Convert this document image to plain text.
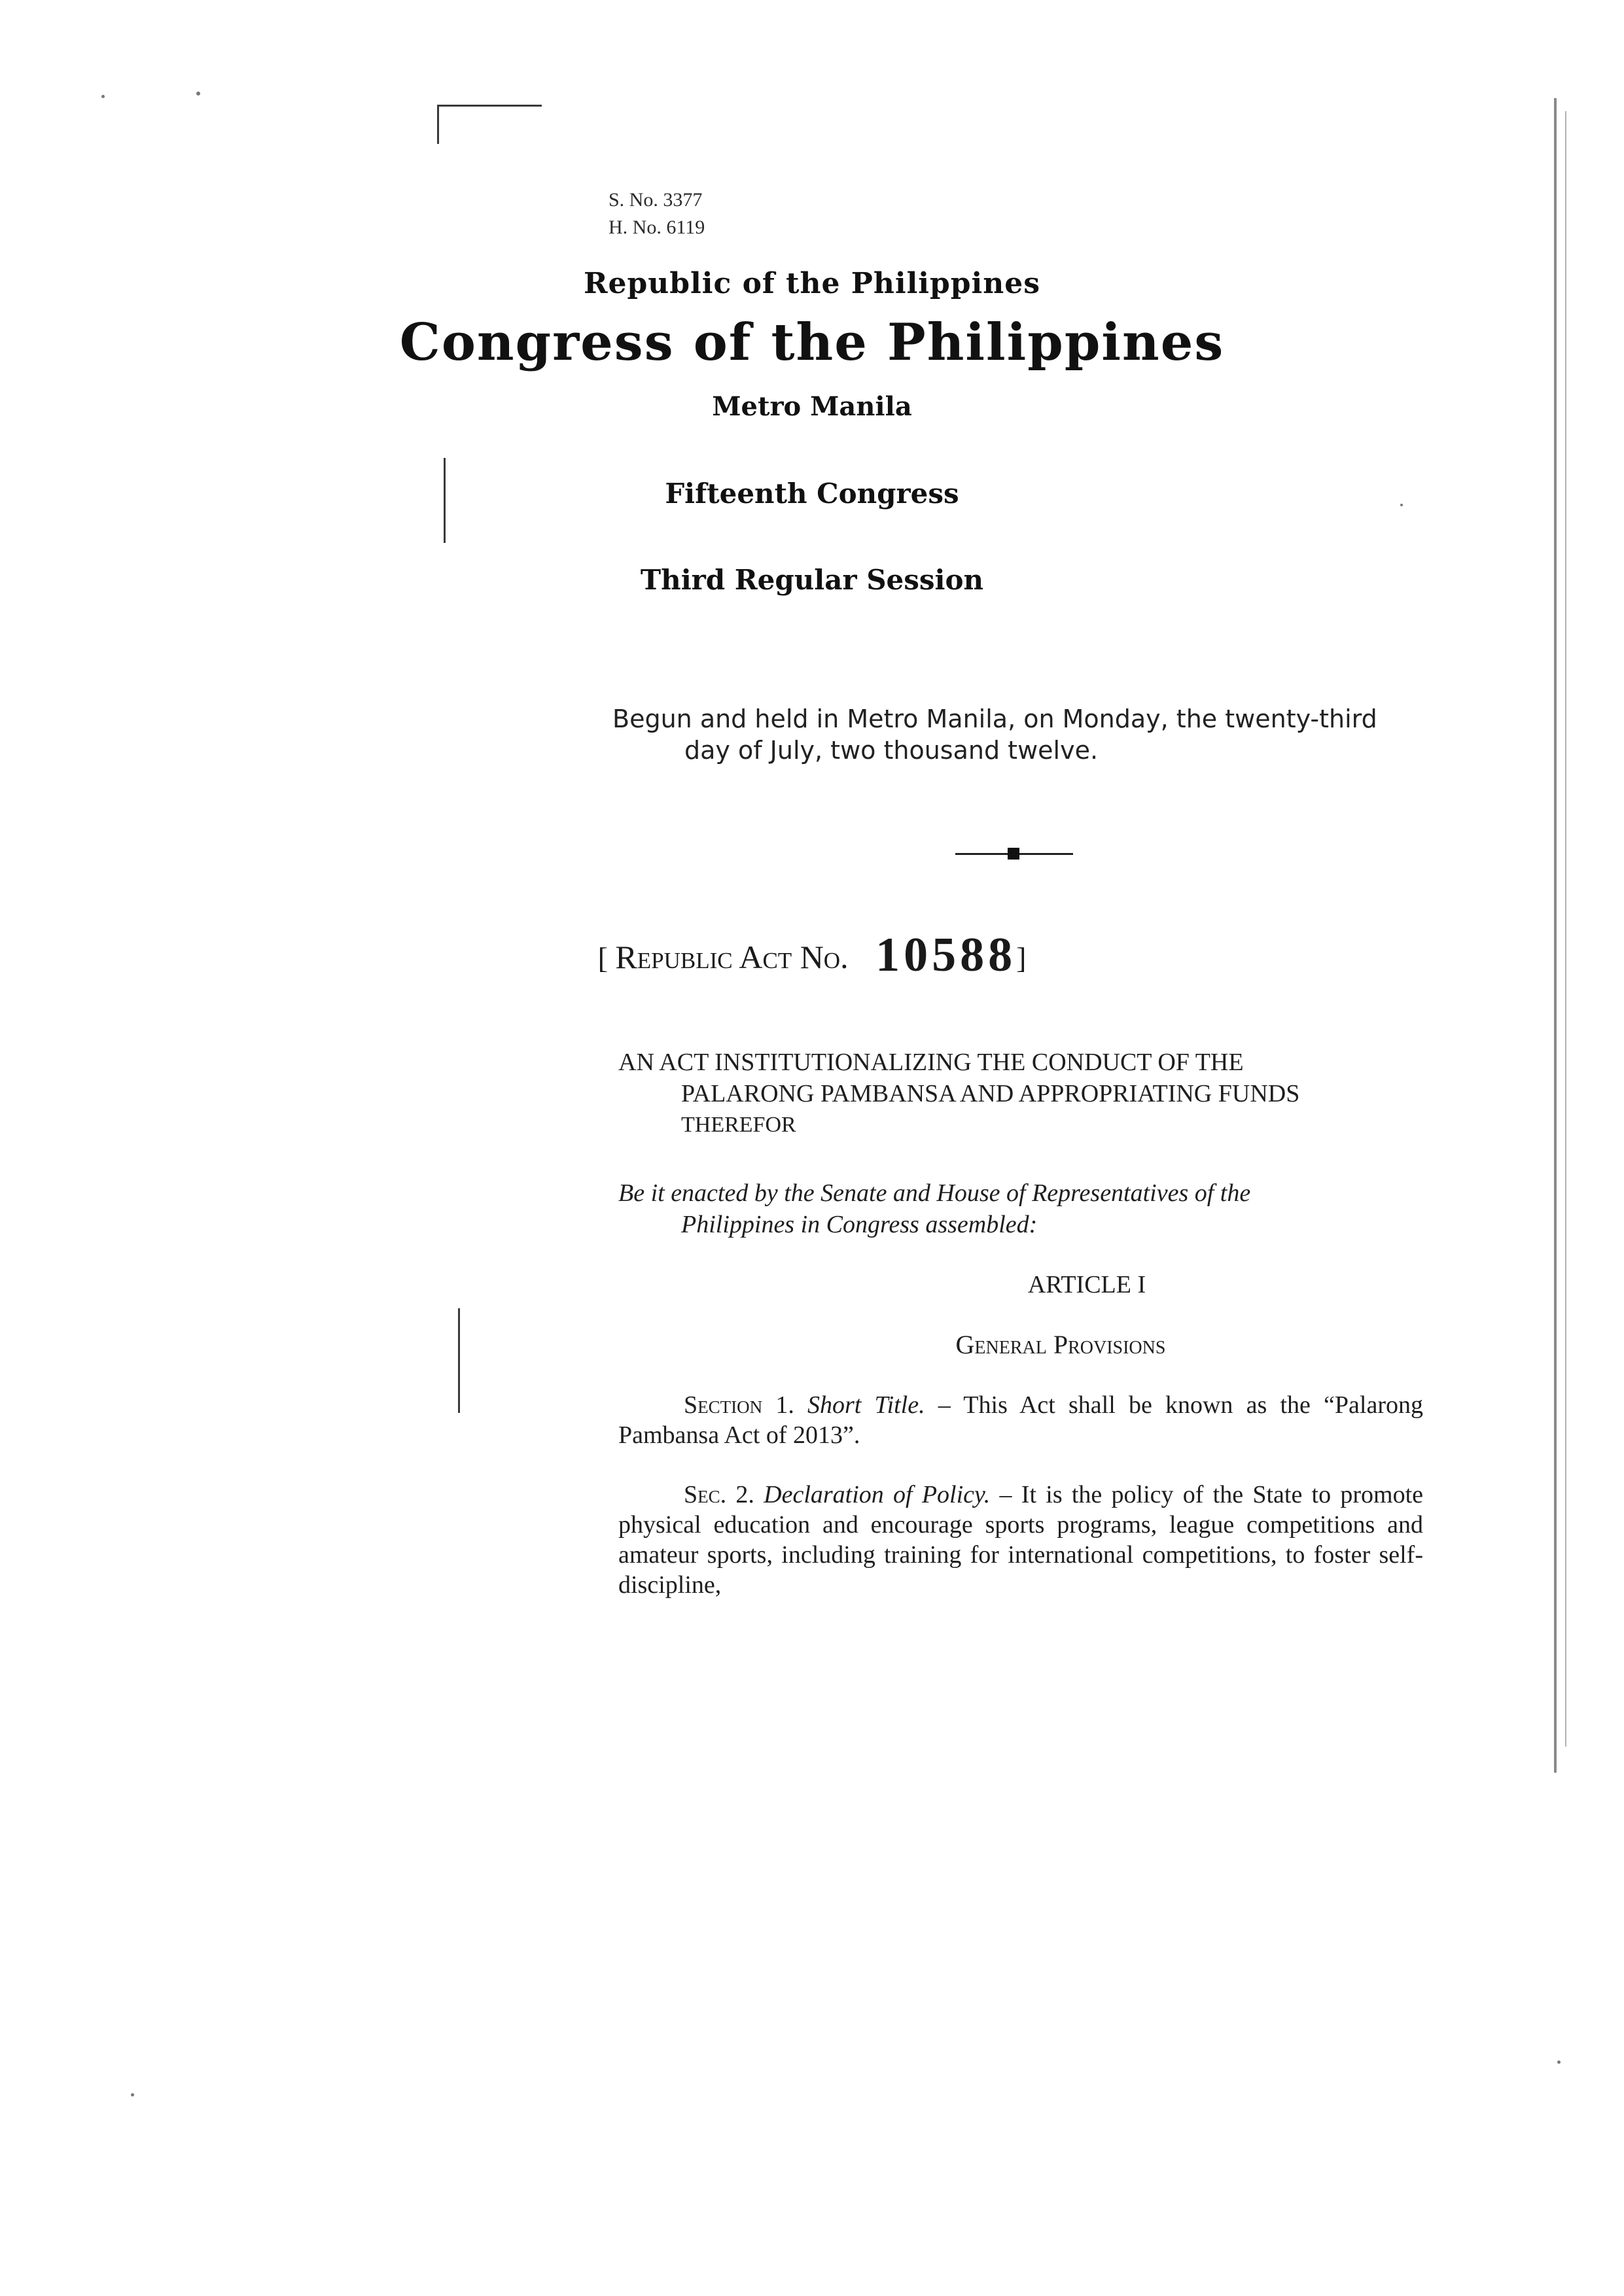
S. No. 3377
H. No. 6119
Republic of the Philippines
Congress of the Philippines
Metro Manila
Fifteenth Congress
Third Regular Session
Begun and held in Metro Manila, on Monday, the twenty-third
day of July, two thousand twelve.
[ Republic Act No. 10588]
AN ACT INSTITUTIONALIZING THE CONDUCT OF THE
PALARONG PAMBANSA AND APPROPRIATING FUNDS
THEREFOR
Be it enacted by the Senate and House of Representatives of the
Philippines in Congress assembled:
ARTICLE I
General Provisions
Section 1. Short Title. – This Act shall be known as the “Palarong Pambansa Act of 2013”.
Sec. 2. Declaration of Policy. – It is the policy of the State to promote physical education and encourage sports programs, league competitions and amateur sports, including training for international competitions, to foster self-discipline,
